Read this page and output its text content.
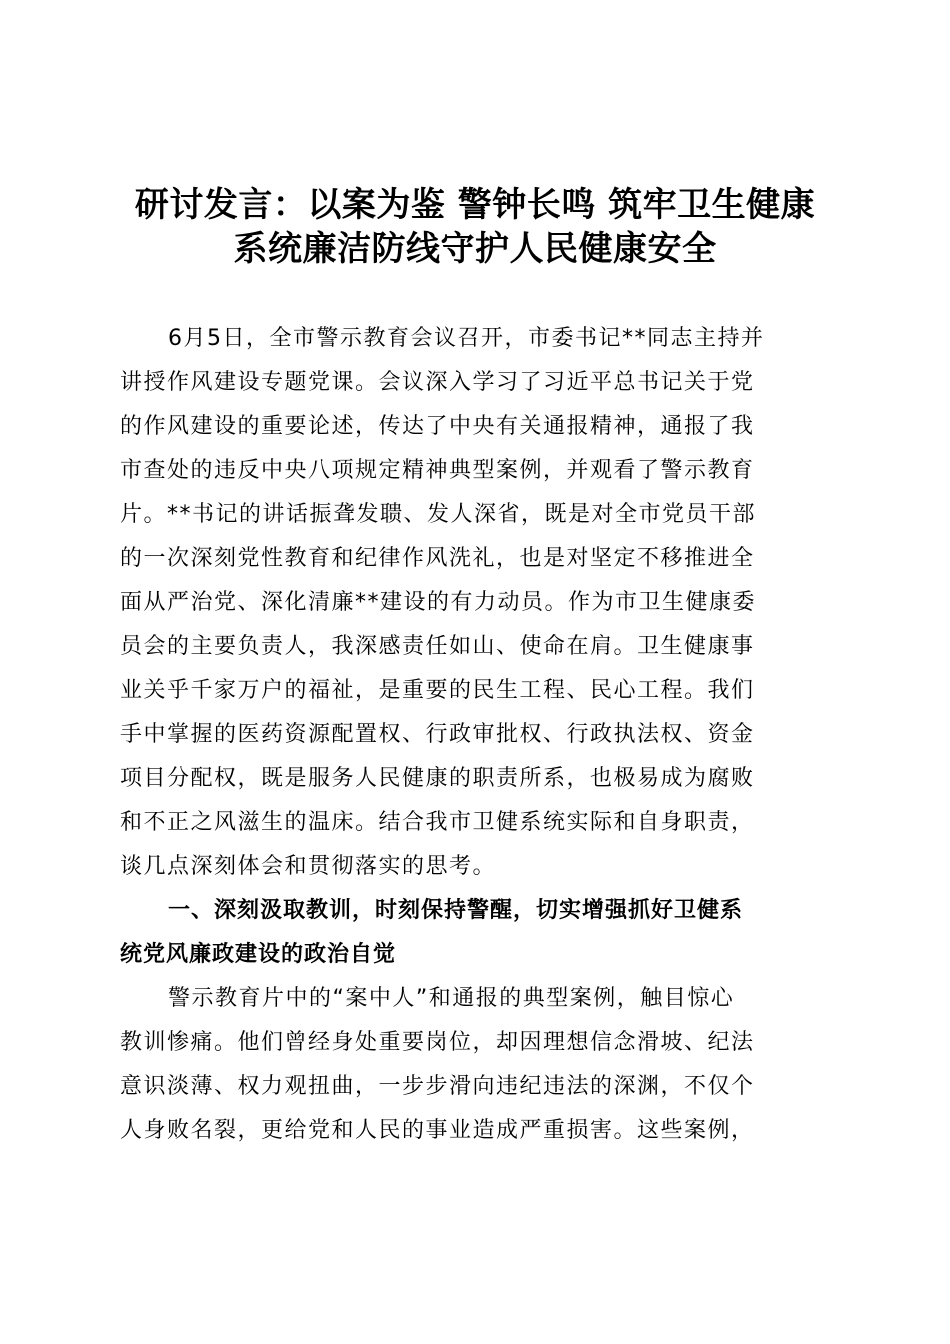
研讨发言：以案为鉴 警钟长鸣 筑牢卫生健康
系统廉洁防线守护人民健康安全
6月5日，全市警示教育会议召开，市委书记**同志主持并
讲授作风建设专题党课。会议深入学习了习近平总书记关于党
的作风建设的重要论述，传达了中央有关通报精神，通报了我
市查处的违反中央八项规定精神典型案例，并观看了警示教育
片。**书记的讲话振聋发聩、发人深省，既是对全市党员干部
的一次深刻党性教育和纪律作风洗礼，也是对坚定不移推进全
面从严治党、深化清廉**建设的有力动员。作为市卫生健康委
员会的主要负责人，我深感责任如山、使命在肩。卫生健康事
业关乎千家万户的福祉，是重要的民生工程、民心工程。我们
手中掌握的医药资源配置权、行政审批权、行政执法权、资金
项目分配权，既是服务人民健康的职责所系，也极易成为腐败
和不正之风滋生的温床。结合我市卫健系统实际和自身职责，
谈几点深刻体会和贯彻落实的思考。
一、深刻汲取教训，时刻保持警醒，切实增强抓好卫健系
统党风廉政建设的政治自觉
警示教育片中的“案中人”和通报的典型案例，触目惊心
教训惨痛。他们曾经身处重要岗位，却因理想信念滑坡、纪法
意识淡薄、权力观扭曲，一步步滑向违纪违法的深渊，不仅个
人身败名裂，更给党和人民的事业造成严重损害。这些案例，
